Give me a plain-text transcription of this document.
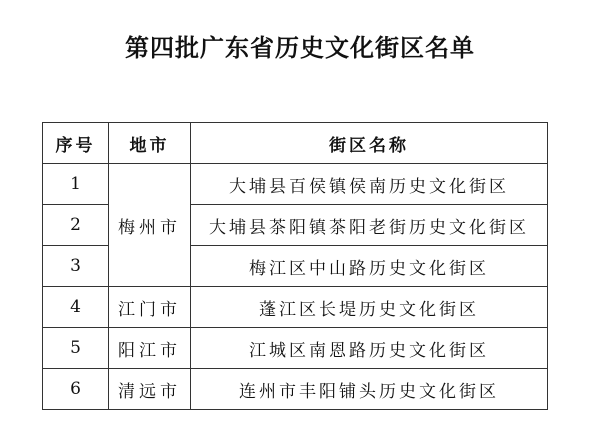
第四批广东省历史文化街区名单
序号	地市	街区名称
1	梅州市	大埔县百侯镇侯南历史文化街区
2		大埔县茶阳镇茶阳老街历史文化街区
3		梅江区中山路历史文化街区
4	江门市	蓬江区长堤历史文化街区
5	阳江市	江城区南恩路历史文化街区
6	清远市	连州市丰阳铺头历史文化街区
